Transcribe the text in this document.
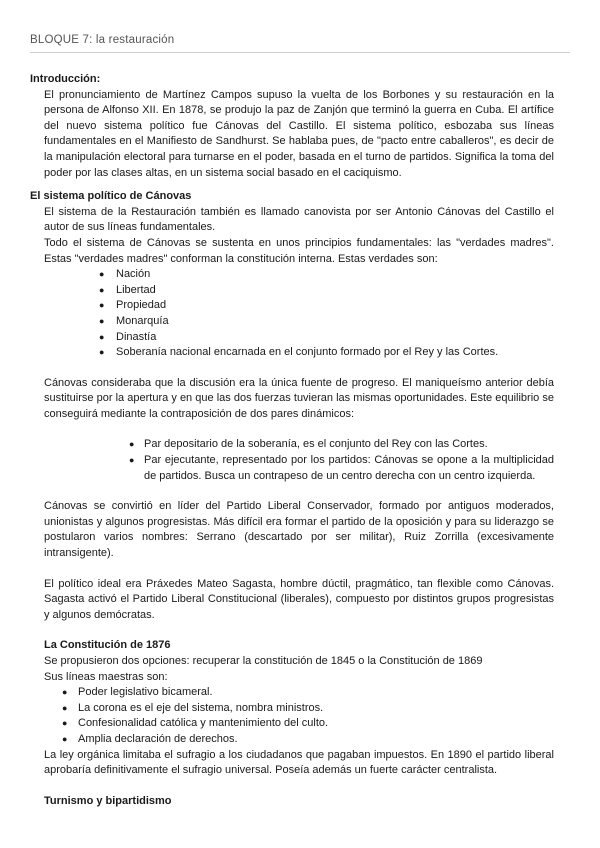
BLOQUE 7: la restauración

Introducción:

El pronunciamiento de Martínez Campos supuso la vuelta de los Borbones y su restauración en la persona de Alfonso XII. En 1878, se produjo la paz de Zanjón que terminó la guerra en Cuba. El artífice del nuevo sistema político fue Cánovas del Castillo. El sistema político, esbozaba sus líneas fundamentales en el Manifiesto de Sandhurst. Se hablaba pues, de "pacto entre caballeros", es decir de la manipulación electoral para turnarse en el poder, basada en el turno de partidos. Significa la toma del poder por las clases altas, en un sistema social basado en el caciquismo.

El sistema político de Cánovas

El sistema de la Restauración también es llamado canovista por ser Antonio Cánovas del Castillo el autor de sus líneas fundamentales.

Todo el sistema de Cánovas se sustenta en unos principios fundamentales: las "verdades madres". Estas "verdades madres" conforman la constitución interna. Estas verdades son:

● Nación
● Libertad
● Propiedad
● Monarquía
● Dinastía
● Soberanía nacional encarnada en el conjunto formado por el Rey y las Cortes.

Cánovas consideraba que la discusión era la única fuente de progreso. El maniqueísmo anterior debía sustituirse por la apertura y en que las dos fuerzas tuvieran las mismas oportunidades. Este equilibrio se conseguirá mediante la contraposición de dos pares dinámicos:

● Par depositario de la soberanía, es el conjunto del Rey con las Cortes.
● Par ejecutante, representado por los partidos: Cánovas se opone a la multiplicidad de partidos. Busca un contrapeso de un centro derecha con un centro izquierda.

Cánovas se convirtió en líder del Partido Liberal Conservador, formado por antiguos moderados, unionistas y algunos progresistas. Más difícil era formar el partido de la oposición y para su liderazgo se postularon varios nombres: Serrano (descartado por ser militar), Ruiz Zorrilla (excesivamente intransigente).

El político ideal era Práxedes Mateo Sagasta, hombre dúctil, pragmático, tan flexible como Cánovas. Sagasta activó el Partido Liberal Constitucional (liberales), compuesto por distintos grupos progresistas y algunos demócratas.

La Constitución de 1876

Se propusieron dos opciones: recuperar la constitución de 1845 o la Constitución de 1869

Sus líneas maestras son:

● Poder legislativo bicameral.
● La corona es el eje del sistema, nombra ministros.
● Confesionalidad católica y mantenimiento del culto.
● Amplia declaración de derechos.

La ley orgánica limitaba el sufragio a los ciudadanos que pagaban impuestos. En 1890 el partido liberal aprobaría definitivamente el sufragio universal. Poseía además un fuerte carácter centralista.

Turnismo y bipartidismo
